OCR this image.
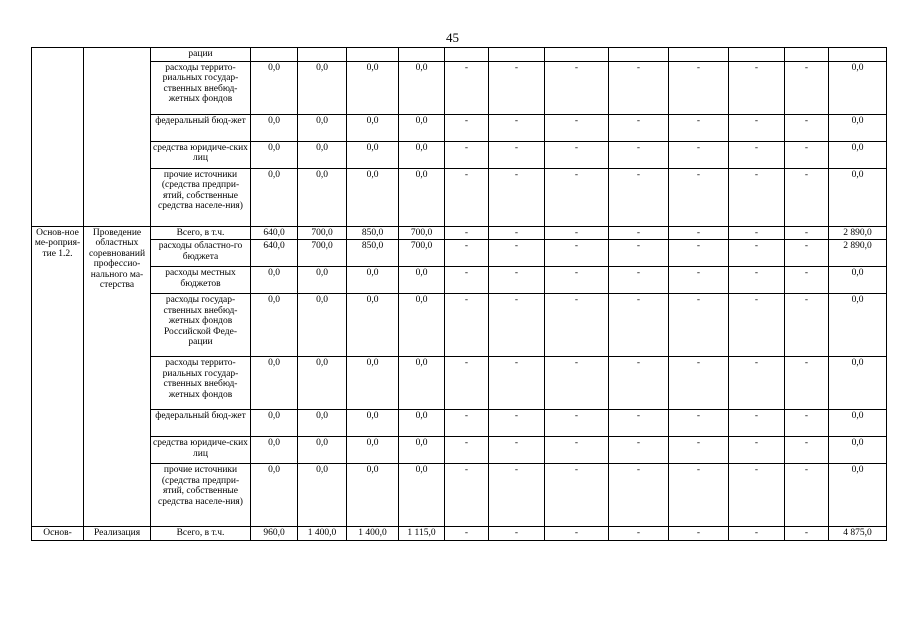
45
		рации												
		расходы террито-риальных государ-ственных внебюд-жетных фондов	0,0	0,0	0,0	0,0	-	-	-	-	-	-	-	0,0
		федеральный бюд-жет	0,0	0,0	0,0	0,0	-	-	-	-	-	-	-	0,0
		средства юридиче-ских лиц	0,0	0,0	0,0	0,0	-	-	-	-	-	-	-	0,0
		прочие источники (средства предпри-ятий, собственные средства населе-ния)	0,0	0,0	0,0	0,0	-	-	-	-	-	-	-	0,0
Основ-ное ме-роприя-тие 1.2.	Проведение областных соревнований профессио-нального ма-стерства	Всего, в т.ч.	640,0	700,0	850,0	700,0	-	-	-	-	-	-	-	2 890,0
		расходы областно-го бюджета	640,0	700,0	850,0	700,0	-	-	-	-	-	-	-	2 890,0
		расходы местных бюджетов	0,0	0,0	0,0	0,0	-	-	-	-	-	-	-	0,0
		расходы государ-ственных внебюд-жетных фондов Российской Феде-рации	0,0	0,0	0,0	0,0	-	-	-	-	-	-	-	0,0
		расходы террито-риальных государ-ственных внебюд-жетных фондов	0,0	0,0	0,0	0,0	-	-	-	-	-	-	-	0,0
		федеральный бюд-жет	0,0	0,0	0,0	0,0	-	-	-	-	-	-	-	0,0
		средства юридиче-ских лиц	0,0	0,0	0,0	0,0	-	-	-	-	-	-	-	0,0
		прочие источники (средства предпри-ятий, собственные средства населе-ния)	0,0	0,0	0,0	0,0	-	-	-	-	-	-	-	0,0
Основ-	Реализация	Всего, в т.ч.	960,0	1 400,0	1 400,0	1 115,0	-	-	-	-	-	-	-	4 875,0
